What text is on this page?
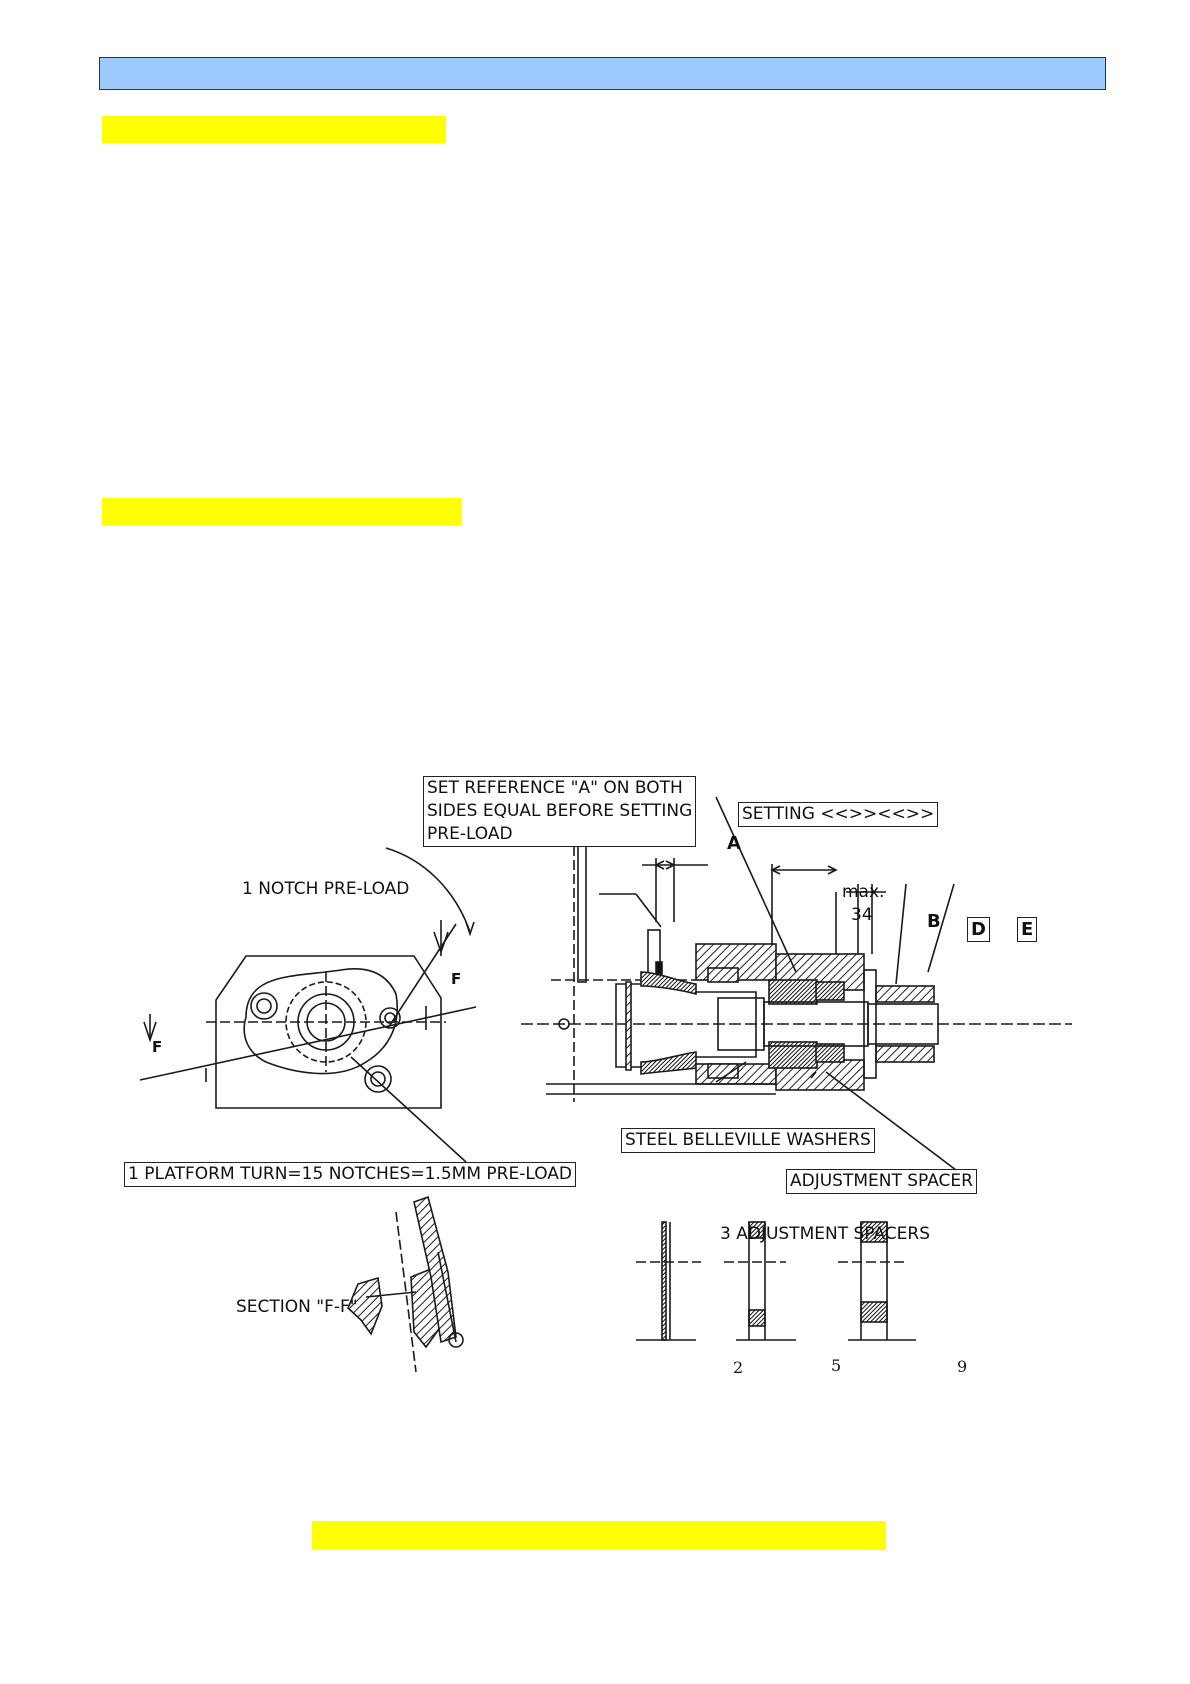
SET REFERENCE "A" ON BOTH
SIDES EQUAL BEFORE SETTING
PRE-LOAD
SETTING <<>><<>>
1 NOTCH PRE-LOAD
1 PLATFORM TURN=15 NOTCHES=1.5MM PRE-LOAD
max.
34
A
B D E
F
F
STEEL BELLEVILLE WASHERS
ADJUSTMENT SPACER
3 ADJUSTMENT SPACERS
SECTION "F-F"
2	5	9
